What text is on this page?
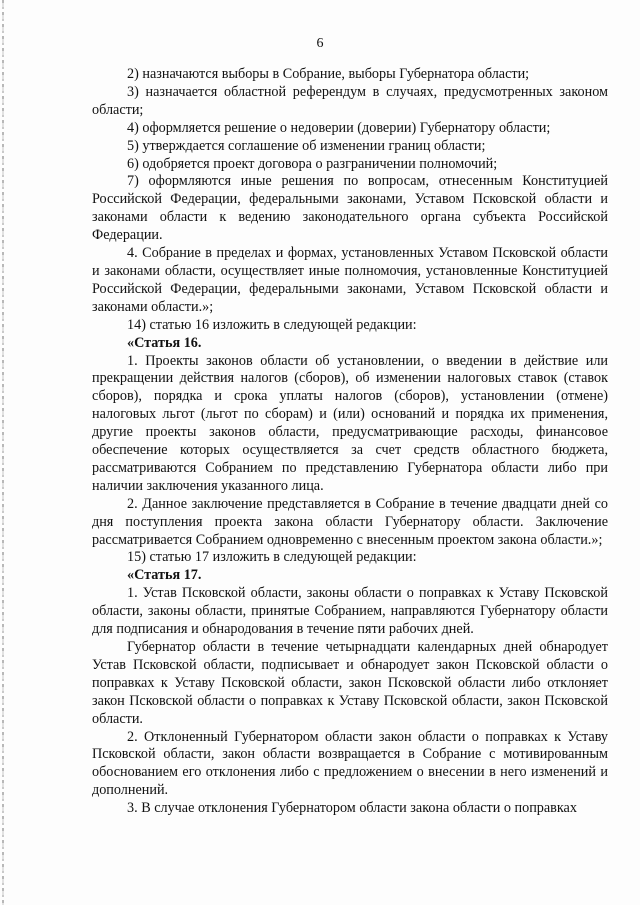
6

2) назначаются выборы в Собрание, выборы Губернатора области;

3) назначается областной референдум в случаях, предусмотренных законом области;

4) оформляется решение о недоверии (доверии) Губернатору области;

5) утверждается соглашение об изменении границ области;

6) одобряется проект договора о разграничении полномочий;

7) оформляются иные решения по вопросам, отнесенным Конституцией Российской Федерации, федеральными законами, Уставом Псковской области и законами области к ведению законодательного органа субъекта Российской Федерации.

4. Собрание в пределах и формах, установленных Уставом Псковской области и законами области, осуществляет иные полномочия, установленные Конституцией Российской Федерации, федеральными законами, Уставом Псковской области и законами области.»;

14) статью 16 изложить в следующей редакции:

«Статья 16.

1. Проекты законов области об установлении, о введении в действие или прекращении действия налогов (сборов), об изменении налоговых ставок (ставок сборов), порядка и срока уплаты налогов (сборов), установлении (отмене) налоговых льгот (льгот по сборам) и (или) оснований и порядка их применения, другие проекты законов области, предусматривающие расходы, финансовое обеспечение которых осуществляется за счет средств областного бюджета, рассматриваются Собранием по представлению Губернатора области либо при наличии заключения указанного лица.

2. Данное заключение представляется в Собрание в течение двадцати дней со дня поступления проекта закона области Губернатору области. Заключение рассматривается Собранием одновременно с внесенным проектом закона области.»;

15) статью 17 изложить в следующей редакции:

«Статья 17.

1. Устав Псковской области, законы области о поправках к Уставу Псковской области, законы области, принятые Собранием, направляются Губернатору области для подписания и обнародования в течение пяти рабочих дней.

Губернатор области в течение четырнадцати календарных дней обнародует Устав Псковской области, подписывает и обнародует закон Псковской области о поправках к Уставу Псковской области, закон Псковской области либо отклоняет закон Псковской области о поправках к Уставу Псковской области, закон Псковской области.

2. Отклоненный Губернатором области закон области о поправках к Уставу Псковской области, закон области возвращается в Собрание с мотивированным обоснованием его отклонения либо с предложением о внесении в него изменений и дополнений.

3. В случае отклонения Губернатором области закона области о поправках
